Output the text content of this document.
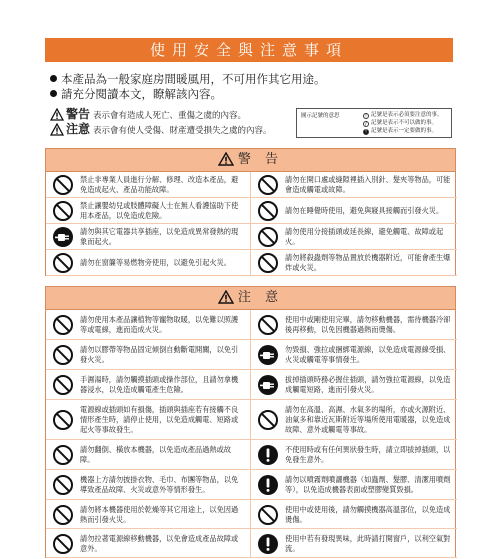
使用安全與注意事項
本產品為一般家庭房間暖風用，不可用作其它用途。
請充分閱讀本文，瞭解該內容。
警告 表示會有造成人死亡、重傷之虞的內容。
注意 表示會有使人受傷、財產遭受損失之虞的內容。
圖示記號的意思	! 記號是表示必須要注意的事。
/ 記號是表示不可以做的事。
! 記號是表示一定要做的事。
警 告
禁止非專業人員進行分解、修理、改造本產品，避免造成起火、產品功能故障。
請勿在開口處或縫隙裡插入別針、髮夾等物品，可能會造成觸電或故障。
禁止讓嬰幼兒或肢體障礙人士在無人看護協助下使用本產品，以免造成危險。
請勿在睡覺時使用，避免與寢具接觸而引發火災。
請勿與其它電器共享插座，以免造成異常發熱的現象而起火。
請勿使用分接插頭或延長線，避免觸電、故障或起火。
請勿在窗簾等易燃物旁使用，以避免引起火災。
請勿將殺蟲劑等物品置放於機器附近，可能會產生爆炸或火災。
注 意
請勿使用本產品讓植物等寵物取暖，以免難以照護等或電線，進而造成火災。
使用中或剛使用完畢，請勿移動機器，需待機器冷卻後再移動，以免因機器過熱而燙傷。
請勿以膠帶等物品固定傾倒自動斷電開關，以免引發火災。
勿毀損、強拉或捆綁電源線，以免造成電源線受損、火災或觸電等事情發生。
手濕湯時，請勿觸摸插頭或操作部位，且請勿拿機器浸水，以免造成觸電產生危險。
拔掉插頭時務必握住插頭，請勿強拉電源線，以免造成觸電短路，進而引發火災。
電源線或插頭如有損傷，插頭與插座若有接觸不良情形產生時，請停止使用，以免造成觸電、短路或起火等事故發生。
請勿在高溫、高濕、水氣多的場所，亦或火源附近、油氣多和靠近瓦斯附近等場所使用電暖器，以免造成故障、意外或觸電等事故。
請勿翻倒、橫放本機器，以免造成產品過熱或故障。
不使用時或有任何異狀發生時，請立即拔掉插頭，以免發生意外。
機器上方請勿披掛衣物、毛巾、布團等物品，以免導致產品故障、火災或意外等情形發生。
請勿以噴霧劑噴灑機器（如蟲劑、髮膠、清潔用噴劑等），以免造成機器表面或塑膠變質毀損。
請勿將本機器使用於乾燥等其它用途上，以免因過熱而引發火災。
使用中或使用後，請勿觸摸機器高溫部位，以免造成燙傷。
請勿拉著電源線移動機器，以免會造成產品故障或意外。
使用中若有發現異味，此時請打開窗戶，以利空氣對流。
